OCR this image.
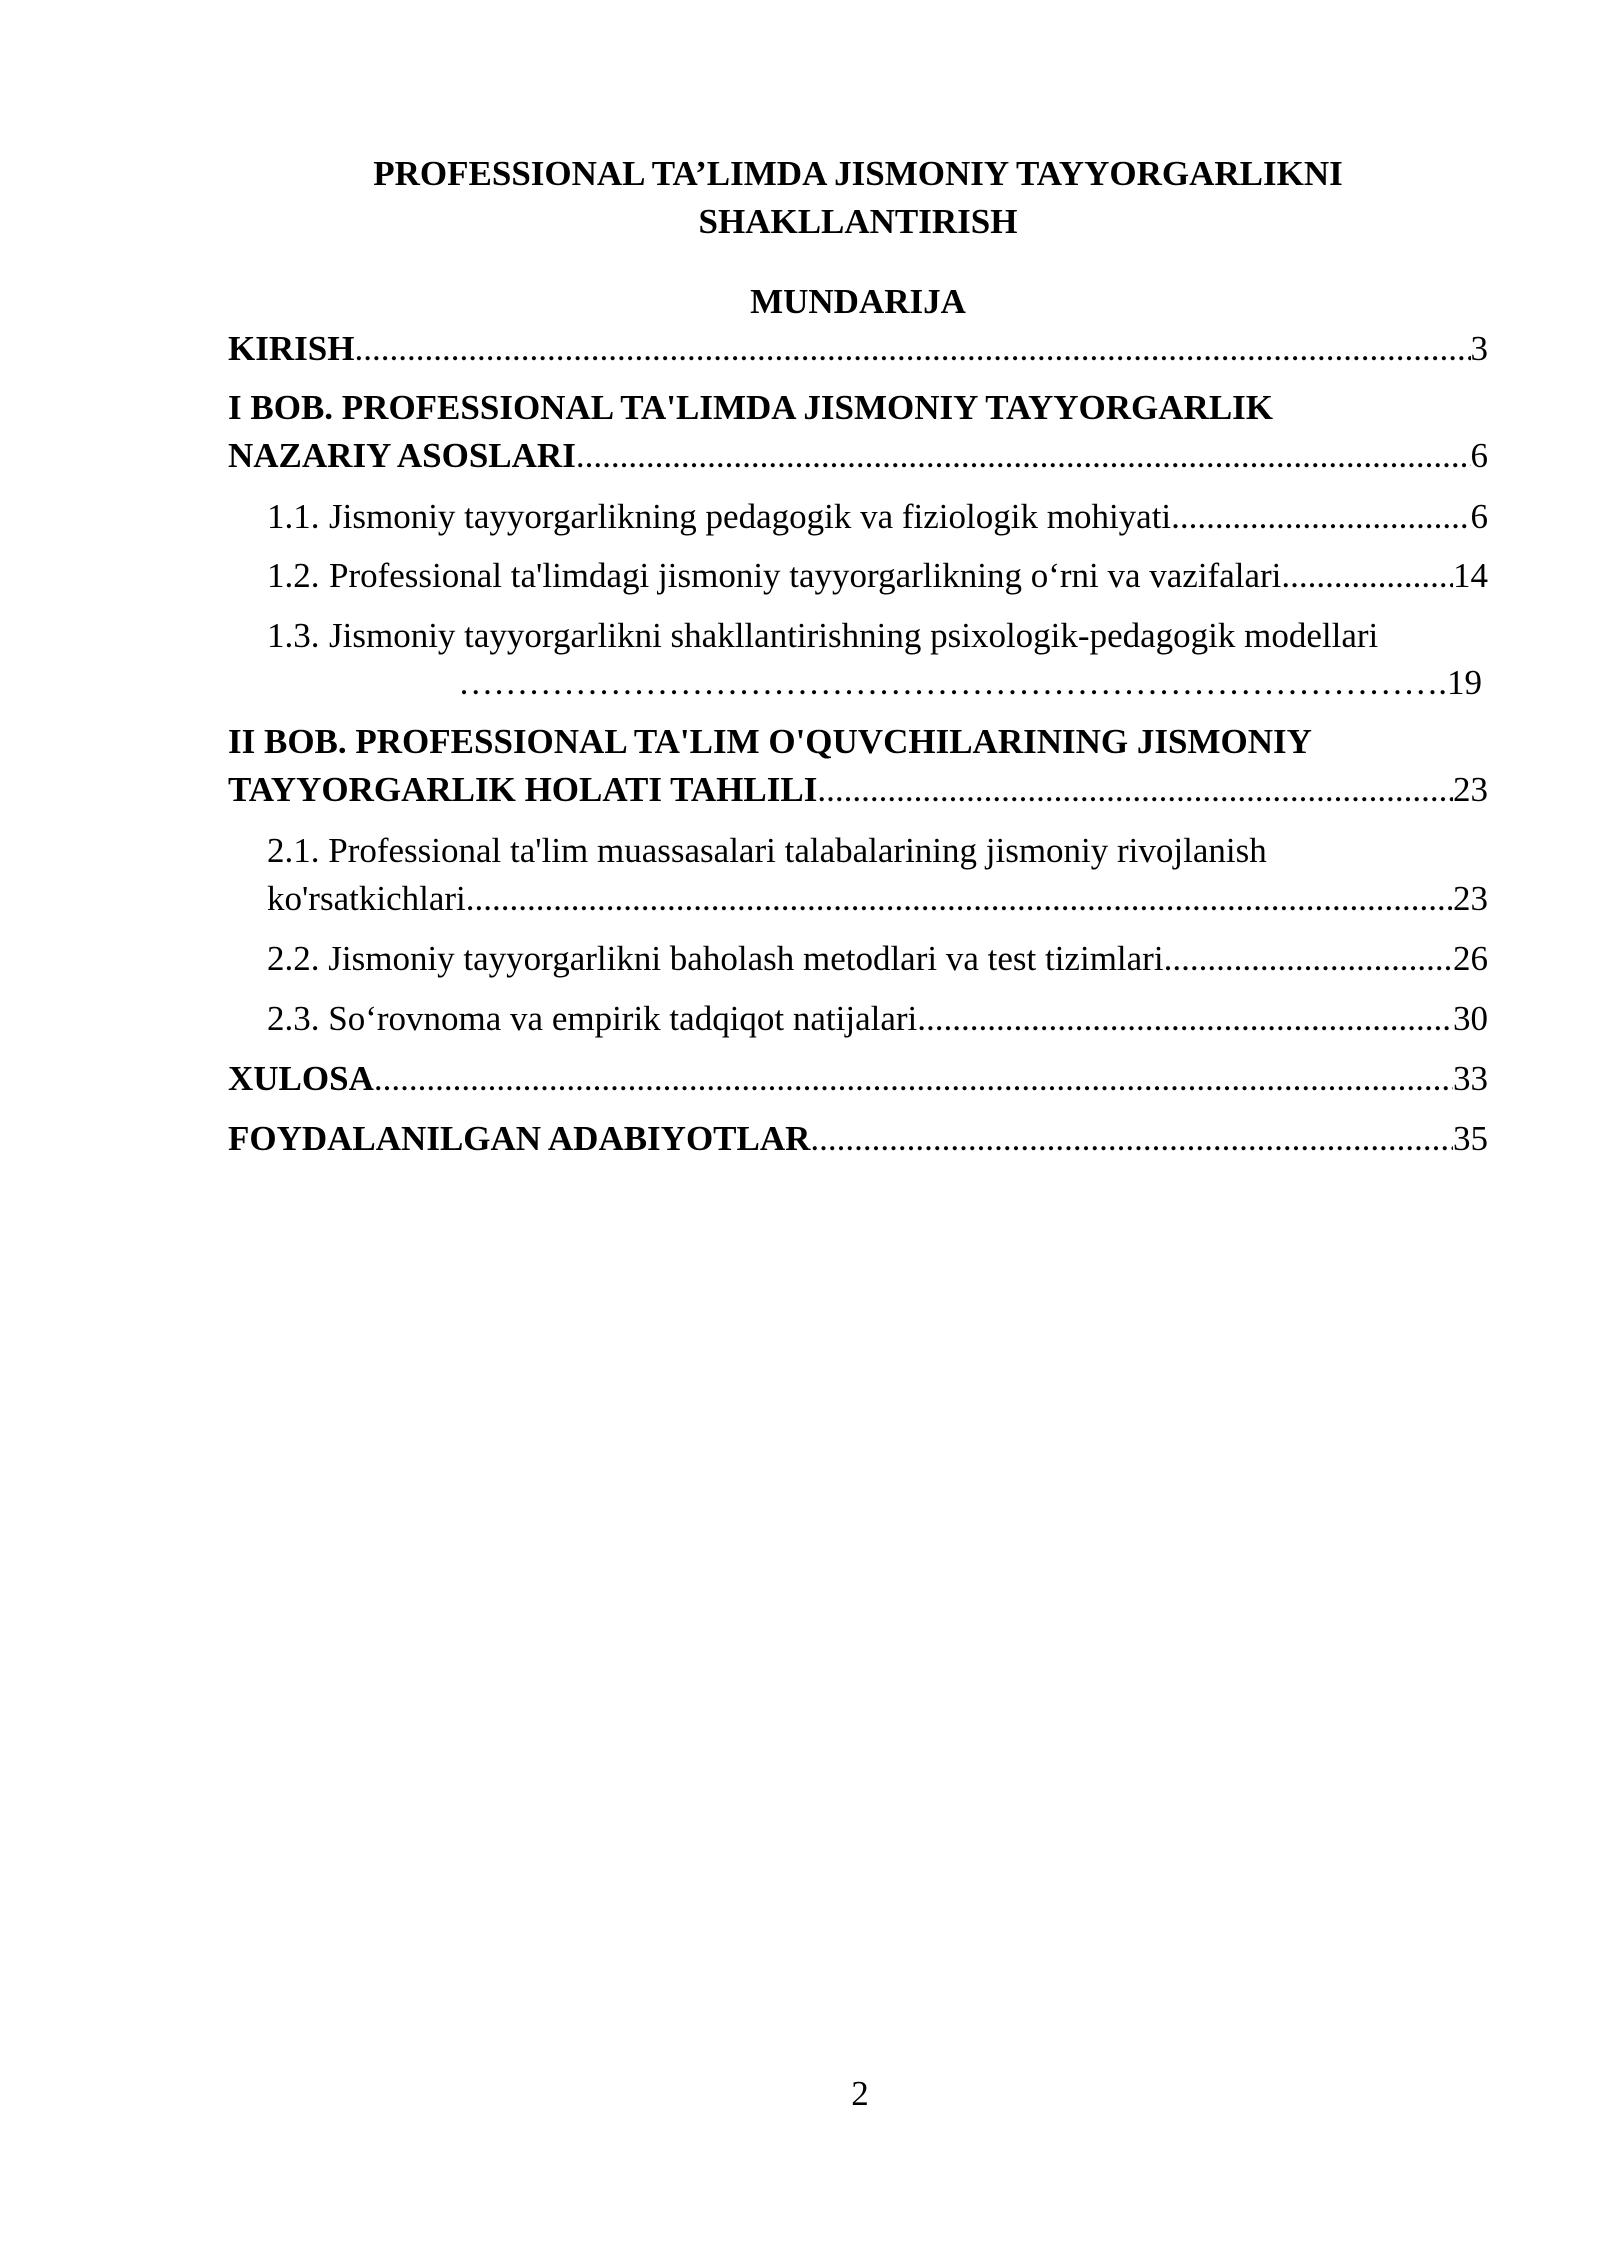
PROFESSIONAL TA’LIMDA JISMONIY TAYYORGARLIKNI
SHAKLLANTIRISH
MUNDARIJA
KIRISH .....	3
I BOB. PROFESSIONAL TA'LIMDA JISMONIY TAYYORGARLIK
NAZARIY ASOSLARI .....	6
1.1. Jismoniy tayyorgarlikning pedagogik va fiziologik mohiyati .....	6
1.2. Professional ta'limdagi jismoniy tayyorgarlikning o‘rni va vazifalari .....	14
1.3. Jismoniy tayyorgarlikni shakllantirishning psixologik-pedagogik modellari
………………………………………………………………………….19
II BOB. PROFESSIONAL TA'LIM O'QUVCHILARINING JISMONIY
TAYYORGARLIK HOLATI TAHLILI .....	23
2.1. Professional ta'lim muassasalari talabalarining jismoniy rivojlanish
ko'rsatkichlari .....	23
2.2. Jismoniy tayyorgarlikni baholash metodlari va test tizimlari .....	26
2.3. So‘rovnoma va empirik tadqiqot natijalari .....	30
XULOSA .....	33
FOYDALANILGAN ADABIYOTLAR .....	35
2
